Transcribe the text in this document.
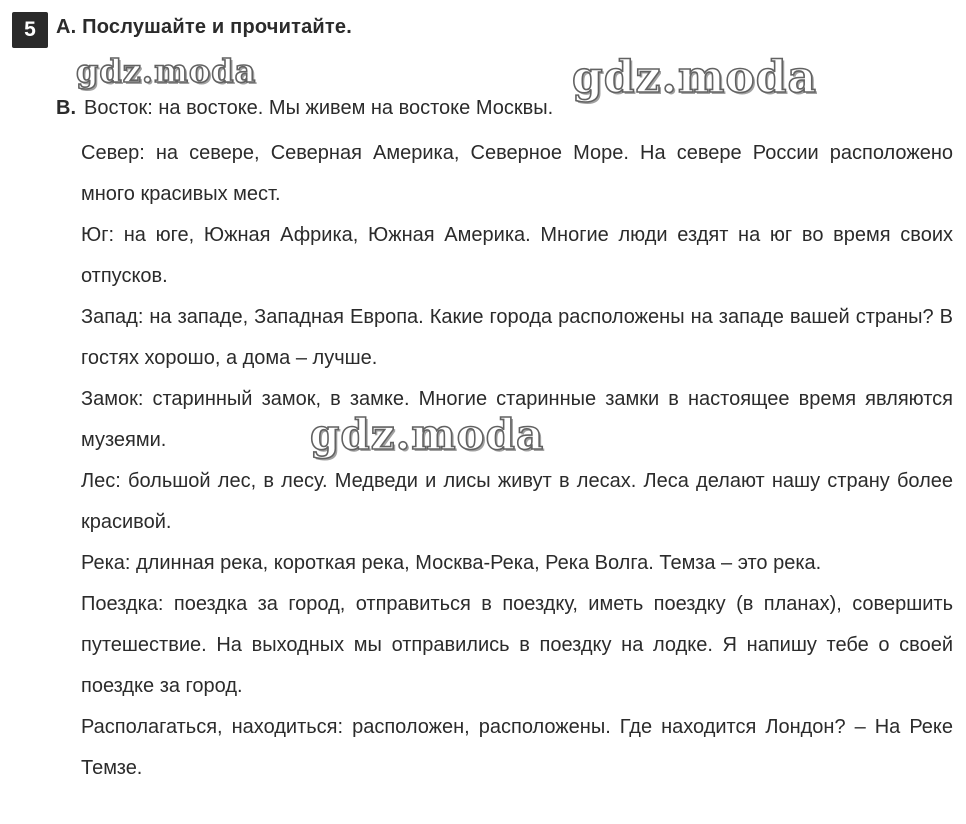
5	A. Послушайте и прочитайте.
B. Восток: на востоке. Мы живем на востоке Москвы.

Север: на севере, Северная Америка, Северное Море. На севере России расположено много красивых мест.

Юг: на юге, Южная Африка, Южная Америка. Многие люди ездят на юг во время своих отпусков.

Запад: на западе, Западная Европа. Какие города расположены на западе вашей страны? В гостях хорошо, а дома – лучше.

Замок: старинный замок, в замке. Многие старинные замки в настоящее время являются музеями.

Лес: большой лес, в лесу. Медведи и лисы живут в лесах. Леса делают нашу страну более красивой.

Река: длинная река, короткая река, Москва-Река, Река Волга. Темза – это река.

Поездка: поездка за город, отправиться в поездку, иметь поездку (в планах), совершить путешествие. На выходных мы отправились в поездку на лодке. Я напишу тебе о своей поездке за город.

Располагаться, находиться: расположен, расположены. Где находится Лондон? – На Реке Темзе.

gdz.moda	gdz.moda
gdz.moda
